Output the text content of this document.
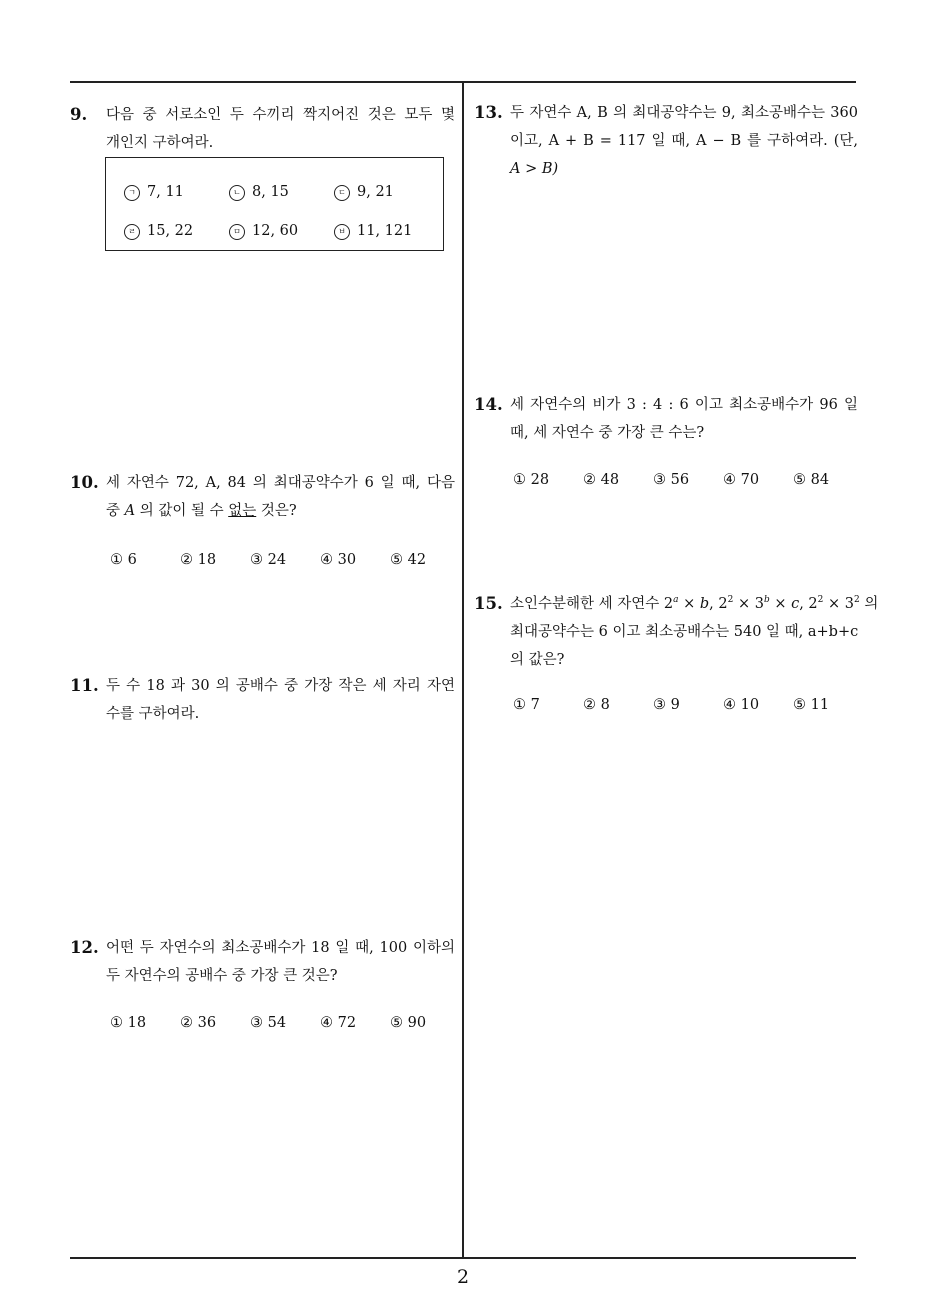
2
9. 다음 중 서로소인 두 수끼리 짝지어진 것은 모두 몇
개인지 구하여라.
ㄱ 7, 11	ㄴ 8, 15	ㄷ 9, 21
ㄹ 15, 22	ㅁ 12, 60	ㅂ 11, 121
10. 세 자연수 72, A, 84 의 최대공약수가 6 일 때, 다음
중 A 의 값이 될 수 없는 것은?
① 6	② 18 ③ 24 ④ 30 ⑤ 42
11. 두 수 18 과 30 의 공배수 중 가장 작은 세 자리 자연
수를 구하여라.
12. 어떤 두 자연수의 최소공배수가 18 일 때, 100 이하의
두 자연수의 공배수 중 가장 큰 것은?
① 18 ② 36 ③ 54 ④ 72 ⑤ 90
13. 두 자연수 A, B 의 최대공약수는 9, 최소공배수는 360
이고, A + B = 117 일 때, A − B 를 구하여라. (단,
A > B)
14. 세 자연수의 비가 3 : 4 : 6 이고 최소공배수가 96 일
때, 세 자연수 중 가장 큰 수는?
① 28 ② 48 ③ 56 ④ 70 ⑤ 84
15. 소인수분해한 세 자연수 $2^a \times b$, $2^2 \times 3^b \times c$, $2^2 \times 3^2$ 의
최대공약수는 6 이고 최소공배수는 540 일 때, a+b+c
의 값은?
① 7	② 8	③ 9	④ 10 ⑤ 11
